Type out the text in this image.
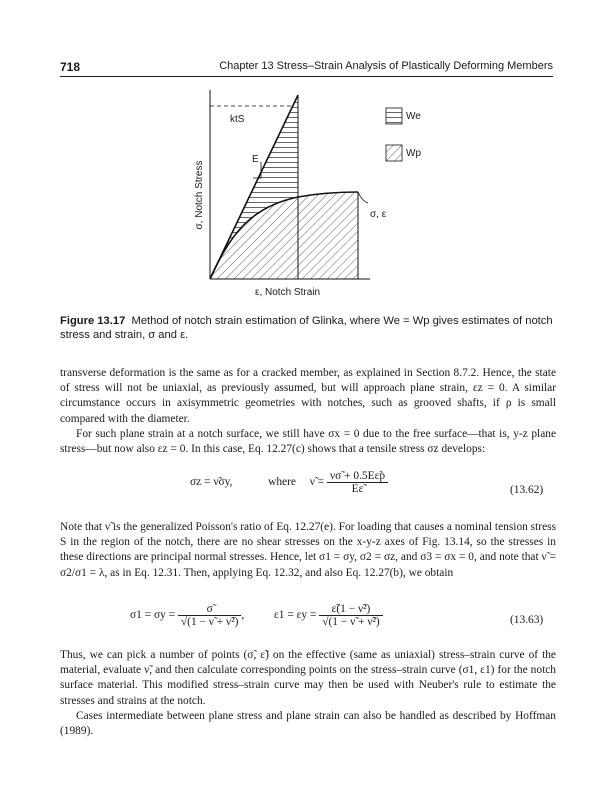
718	Chapter 13 Stress–Strain Analysis of Plastically Deforming Members
ktS
E
σ, ε
σ, Notch Stress
ε, Notch Strain
We
Wp
Figure 13.17 Method of notch strain estimation of Glinka, where We = Wp gives estimates of notch stress and strain, σ and ε.
transverse deformation is the same as for a cracked member, as explained in Section 8.7.2. Hence, the state of stress will not be uniaxial, as previously assumed, but will approach plane strain, εz = 0. A similar circumstance occurs in axisymmetric geometries with notches, such as grooved shafts, if ρ is small compared with the diameter.
For such plane strain at a notch surface, we still have σx = 0 due to the free surface—that is, y-z plane stress—but now also εz = 0. In this case, Eq. 12.27(c) shows that a tensile stress σz develops:
σz = ν̃σy,	where ν̃ = $\frac{\nu\sigmã + 0.5E\varepsiloñp}{E\varepsiloñ}$	(13.62)
Note that ν̃ is the generalized Poisson's ratio of Eq. 12.27(e). For loading that causes a nominal tension stress S in the region of the notch, there are no shear stresses on the x-y-z axes of Fig. 13.14, so the stresses in these directions are principal normal stresses. Hence, let σ1 = σy, σ2 = σz, and σ3 = σx = 0, and note that ν̃ = σ2/σ1 = λ, as in Eq. 12.31. Then, applying Eq. 12.32, and also Eq. 12.27(b), we obtain
$\sigma 1 = \sigma y = \frac{\sigmã}{\text{√(1 − ν̃ + ν̃²)}}$ ,	$\varepsilon 1 = \varepsilon y = \frac{\text{ε̃(1 − ν̃²)}}{\text{√(1 − ν̃ + ν̃²)}}$	(13.63)
Thus, we can pick a number of points (σ̃, ε̃) on the effective (same as uniaxial) stress–strain curve of the material, evaluate ν̃, and then calculate corresponding points on the stress–strain curve (σ1, ε1) for the notch surface material. This modified stress–strain curve may then be used with Neuber's rule to estimate the stresses and strains at the notch.
Cases intermediate between plane stress and plane strain can also be handled as described by Hoffman (1989).
